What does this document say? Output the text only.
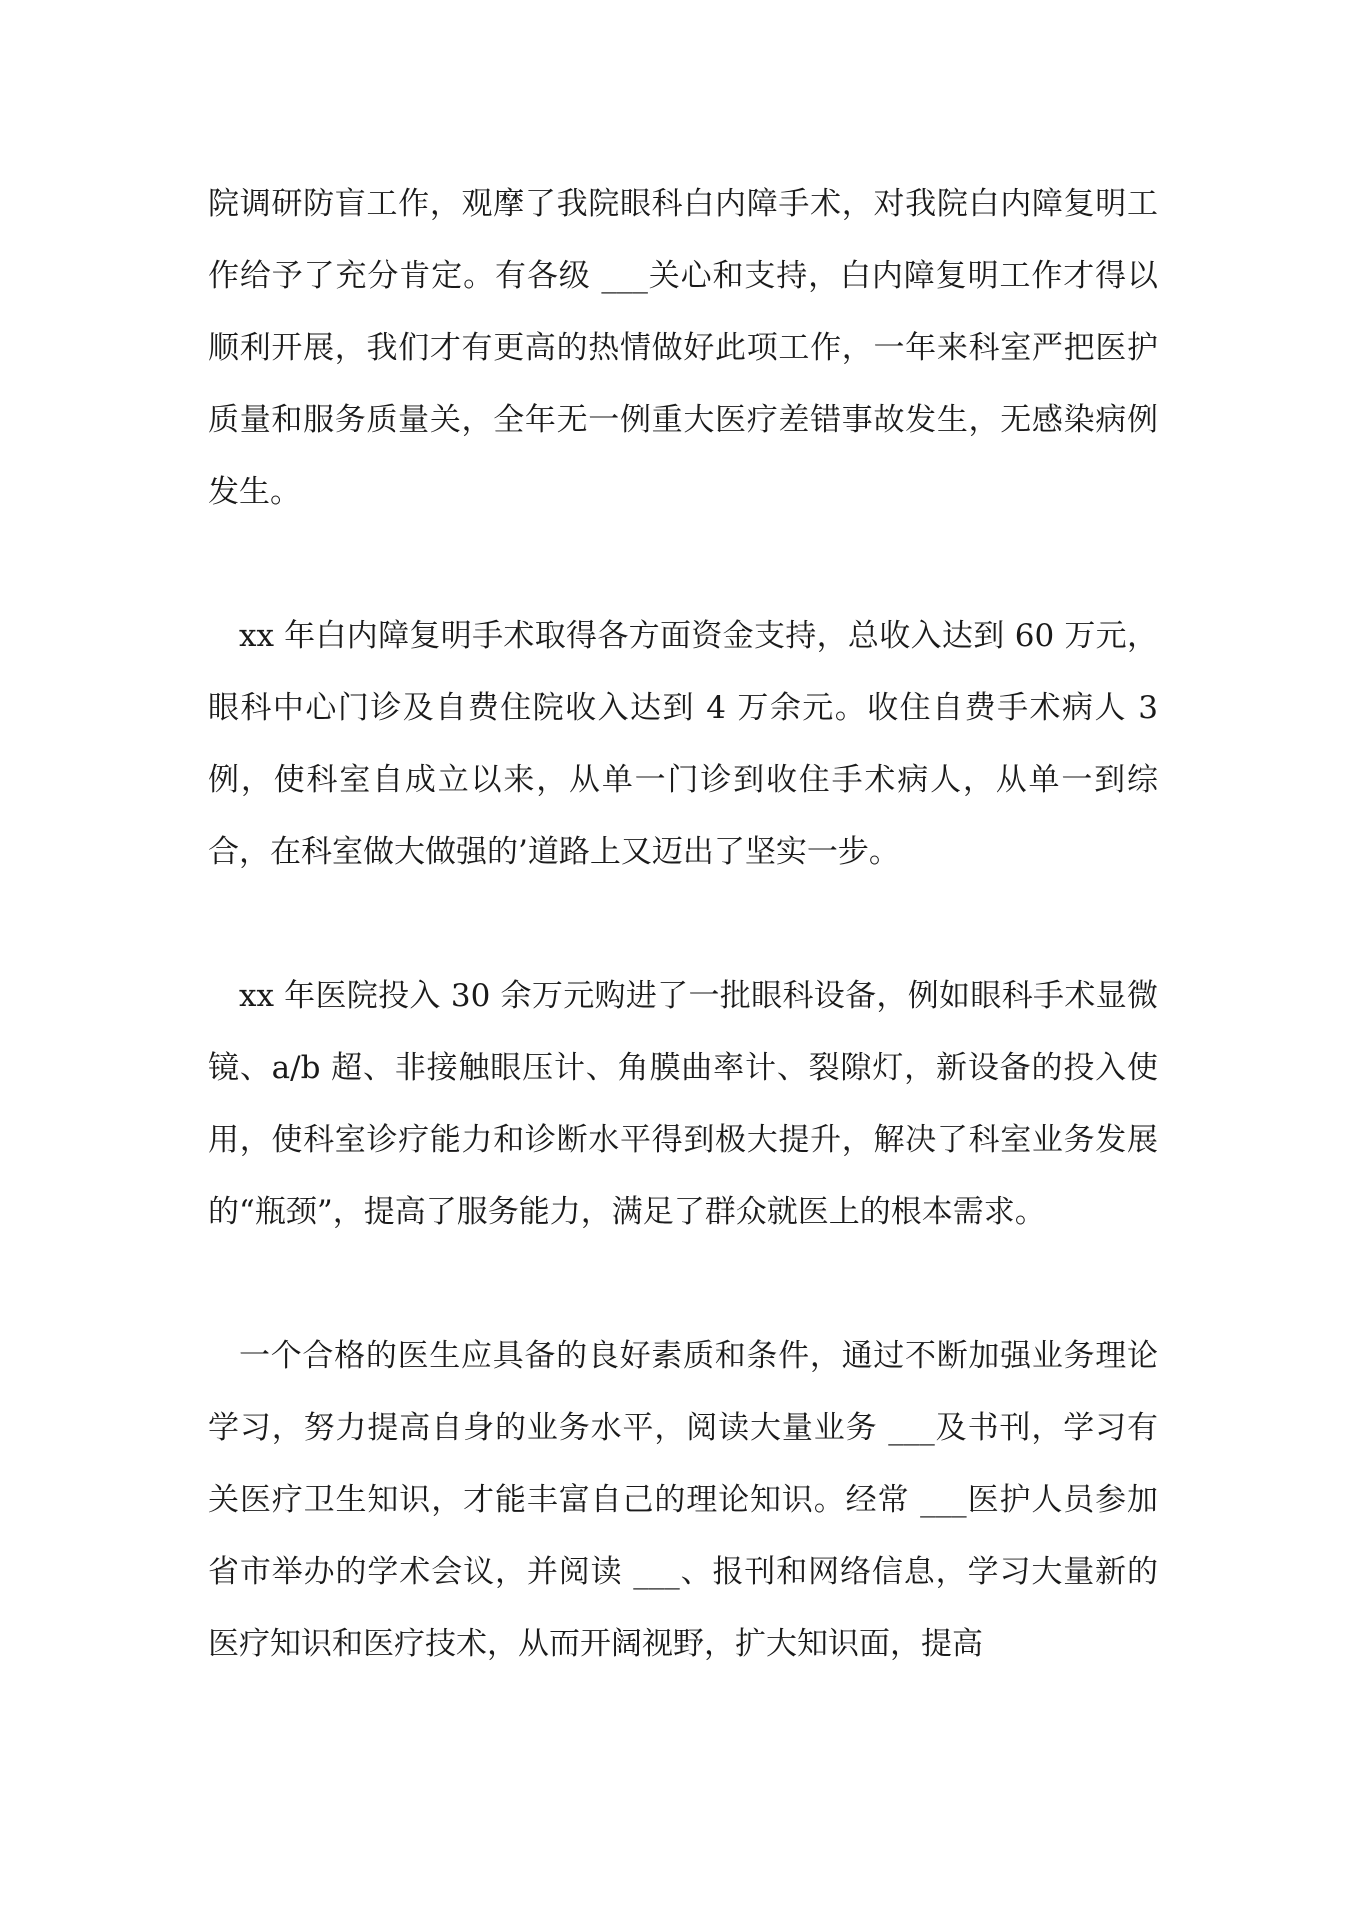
院调研防盲工作，观摩了我院眼科白内障手术，对我院白内障复明工作给予了充分肯定。有各级 ___关心和支持，白内障复明工作才得以顺利开展，我们才有更高的热情做好此项工作，一年来科室严把医护质量和服务质量关，全年无一例重大医疗差错事故发生，无感染病例发生。

xx 年白内障复明手术取得各方面资金支持，总收入达到 60 万元，眼科中心门诊及自费住院收入达到 4 万余元。收住自费手术病人 3 例，使科室自成立以来，从单一门诊到收住手术病人，从单一到综合，在科室做大做强的’道路上又迈出了坚实一步。

xx 年医院投入 30 余万元购进了一批眼科设备，例如眼科手术显微镜、a/b 超、非接触眼压计、角膜曲率计、裂隙灯，新设备的投入使用，使科室诊疗能力和诊断水平得到极大提升，解决了科室业务发展的“瓶颈”，提高了服务能力，满足了群众就医上的根本需求。

一个合格的医生应具备的良好素质和条件，通过不断加强业务理论学习，努力提高自身的业务水平，阅读大量业务 ___及书刊，学习有关医疗卫生知识，才能丰富自己的理论知识。经常 ___医护人员参加省市举办的学术会议，并阅读 ___、报刊和网络信息，学习大量新的医疗知识和医疗技术，从而开阔视野，扩大知识面，提高
